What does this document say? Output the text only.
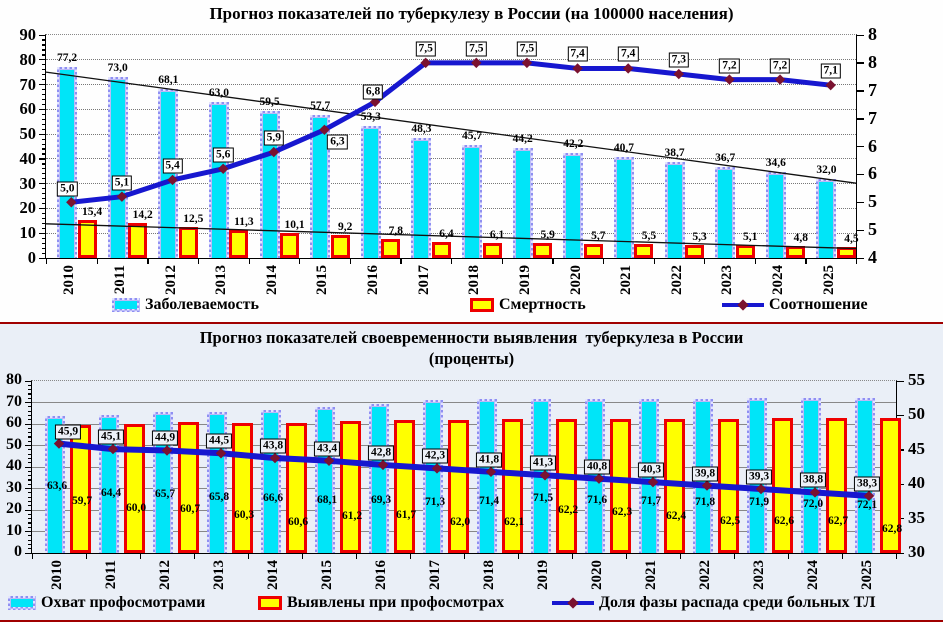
Прогноз показателей по туберкулезу в России (на 100000 населения)
90
80
70
60
50
40
30
20
10
0
8
8
7
7
6
6
5
5
4
77,2
73,0
68,1
63,0
59,5	57,7
53,3
48,3
45,7	44,2	42,2	40,7	38,7	36,7	34,6
32,0
15,4	14,2	12,5	11,3	10,1	9,2	7,8	6,4	6,1	5,9	5,7	5,5	5,3	5,1	4,8	4,5
5,0
5,1
5,4
5,6
5,9	6,3
6,8
7,5	7,5	7,5	7,4	7,4	7,3	7,2	7,2	7,1
2010 2011 2012 2013 2014 2015 2016 2017 2018 2019 2020 2021 2022 2023 2024 2025
Заболеваемость	Смертность	Соотношение
Прогноз показателей своевременности выявления  туберкулеза в России
(проценты)
80
70
60
50
40
30
20
10
0
55
50
45
40
35
30
63,6
64,4	65,7	65,8	66,6	68,1	69,3	71,3	71,4	71,5	71,6	71,7	71,8	71,9	72,0	72,1
59,7
60,0	60,7
60,3
60,6	61,2	61,7
62,0	62,1
62,2	62,3	62,4	62,5	62,6	62,7
62,8
45,9 45,1	44,9	44,5	43,8	43,4	42,8	42,3	41,8	41,3	40,8	40,3	39,8	39,3	38,8	38,3
2010	2011	2012	2013	2014	2015	2016	2017	2018	2019	2020	2021	2022	2023	2024	2025
Охват профосмотрами	Выявлены при профосмотрах	Доля фазы распада среди больных ТЛ
